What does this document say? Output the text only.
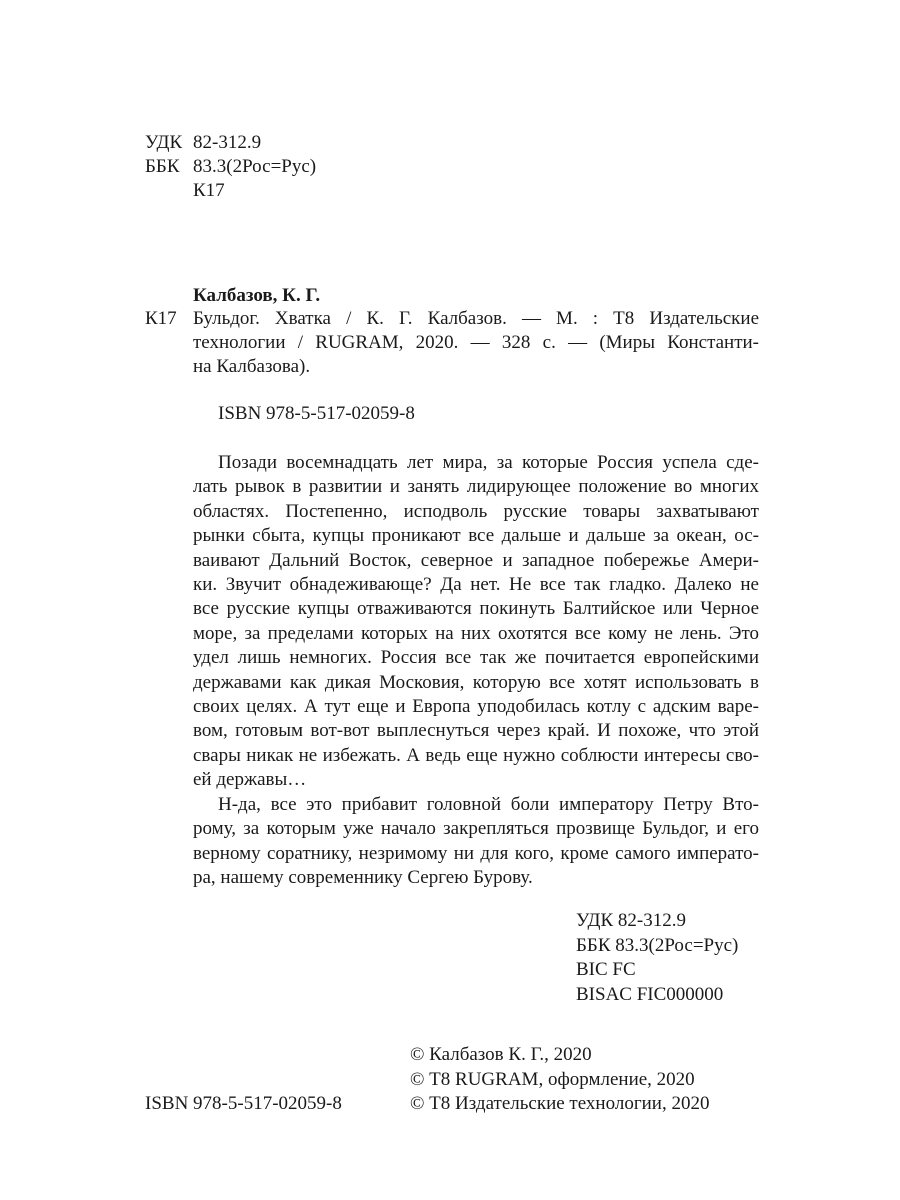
УДК 82-312.9
ББК 83.3(2Рос=Рус)
К17
Калбазов, К. Г.
К17 Бульдог. Хватка / К. Г. Калбазов. — М. : Т8 Издательские
технологии / RUGRAM, 2020. — 328 с. — (Миры Константи-
на Калбазова).
ISBN 978-5-517-02059-8
Позади восемнадцать лет мира, за которые Россия успела сде-
лать рывок в развитии и занять лидирующее положение во многих
областях. Постепенно, исподволь русские товары захватывают
рынки сбыта, купцы проникают все дальше и дальше за океан, ос-
ваивают Дальний Восток, северное и западное побережье Амери-
ки. Звучит обнадеживающе? Да нет. Не все так гладко. Далеко не
все русские купцы отваживаются покинуть Балтийское или Черное
море, за пределами которых на них охотятся все кому не лень. Это
удел лишь немногих. Россия все так же почитается европейскими
державами как дикая Московия, которую все хотят использовать в
своих целях. А тут еще и Европа уподобилась котлу с адским варе-
вом, готовым вот-вот выплеснуться через край. И похоже, что этой
свары никак не избежать. А ведь еще нужно соблюсти интересы сво-
ей державы…
Н-да, все это прибавит головной боли императору Петру Вто-
рому, за которым уже начало закрепляться прозвище Бульдог, и его
верному соратнику, незримому ни для кого, кроме самого императо-
ра, нашему современнику Сергею Бурову.
УДК 82-312.9
ББК 83.3(2Рос=Рус)
BIC FC
BISAC FIC000000
© Калбазов К. Г., 2020
© Т8 RUGRAM, оформление, 2020
© Т8 Издательские технологии, 2020
ISBN 978-5-517-02059-8
